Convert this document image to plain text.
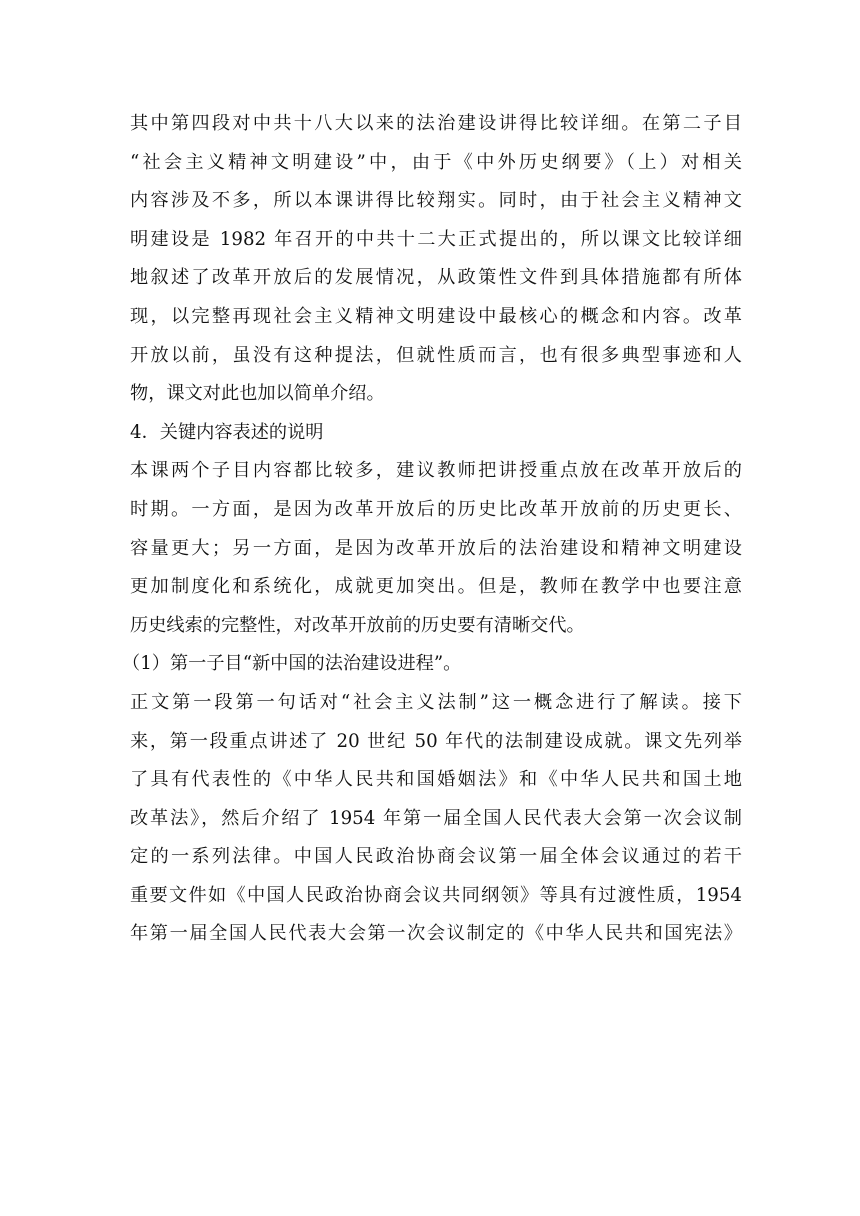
其中第四段对中共十八大以来的法治建设讲得比较详细。在第二子目
“社会主义精神文明建设”中，由于《中外历史纲要》（上）对相关
内容涉及不多，所以本课讲得比较翔实。同时，由于社会主义精神文
明建设是 1982 年召开的中共十二大正式提出的，所以课文比较详细
地叙述了改革开放后的发展情况，从政策性文件到具体措施都有所体
现，以完整再现社会主义精神文明建设中最核心的概念和内容。改革
开放以前，虽没有这种提法，但就性质而言，也有很多典型事迹和人
物，课文对此也加以简单介绍。
4．关键内容表述的说明
本课两个子目内容都比较多，建议教师把讲授重点放在改革开放后的
时期。一方面，是因为改革开放后的历史比改革开放前的历史更长、
容量更大；另一方面，是因为改革开放后的法治建设和精神文明建设
更加制度化和系统化，成就更加突出。但是，教师在教学中也要注意
历史线索的完整性，对改革开放前的历史要有清晰交代。
（1）第一子目“新中国的法治建设进程”。
正文第一段第一句话对“社会主义法制”这一概念进行了解读。接下
来，第一段重点讲述了 20 世纪 50 年代的法制建设成就。课文先列举
了具有代表性的《中华人民共和国婚姻法》和《中华人民共和国土地
改革法》，然后介绍了 1954 年第一届全国人民代表大会第一次会议制
定的一系列法律。中国人民政治协商会议第一届全体会议通过的若干
重要文件如《中国人民政治协商会议共同纲领》等具有过渡性质，1954
年第一届全国人民代表大会第一次会议制定的《中华人民共和国宪法》
